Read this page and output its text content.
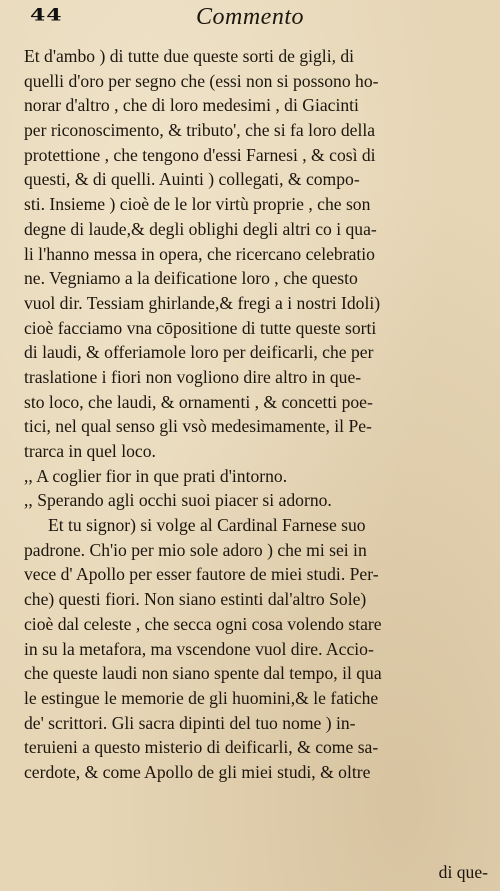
44	Commento
Et d'ambo ) di tutte due queste sorti de gigli, di
quelli d'oro per segno che (essi non si possono ho-
norar d'altro , che di loro medesimi , di Giacinti
per riconoscimento, & tributo', che si fa loro della
protettione , che tengono d'essi Farnesi , & così di
questi, & di quelli. Auinti ) collegati, & compo-
sti. Insieme ) cioè de le lor virtù proprie , che son
degne di laude,& degli oblighi degli altri co i qua-
li l'hanno messa in opera, che ricercano celebratio
ne. Vegniamo a la deificatione loro , che questo
vuol dir. Tessiam ghirlande,& fregi a i nostri Idoli)
cioè facciamo vna cōpositione di tutte queste sorti
di laudi, & offeriamole loro per deificarli, che per
traslatione i fiori non vogliono dire altro in que-
sto loco, che laudi, & ornamenti , & concetti poe-
tici, nel qual senso gli vsò medesimamente, il Pe-
trarca in quel loco.
,, A coglier fior in que prati d'intorno.
,, Sperando agli occhi suoi piacer si adorno.
Et tu signor) si volge al Cardinal Farnese suo
padrone. Ch'io per mio sole adoro ) che mi sei in
vece d' Apollo per esser fautore de miei studi. Per-
che) questi fiori. Non siano estinti dal'altro Sole)
cioè dal celeste , che secca ogni cosa volendo stare
in su la metafora, ma vscendone vuol dire. Accio-
che queste laudi non siano spente dal tempo, il qua
le estingue le memorie de gli huomini,& le fatiche
de' scrittori. Gli sacra dipinti del tuo nome ) in-
teruieni a questo misterio di deificarli, & come sa-
cerdote, & come Apollo de gli miei studi, & oltre
di que-
